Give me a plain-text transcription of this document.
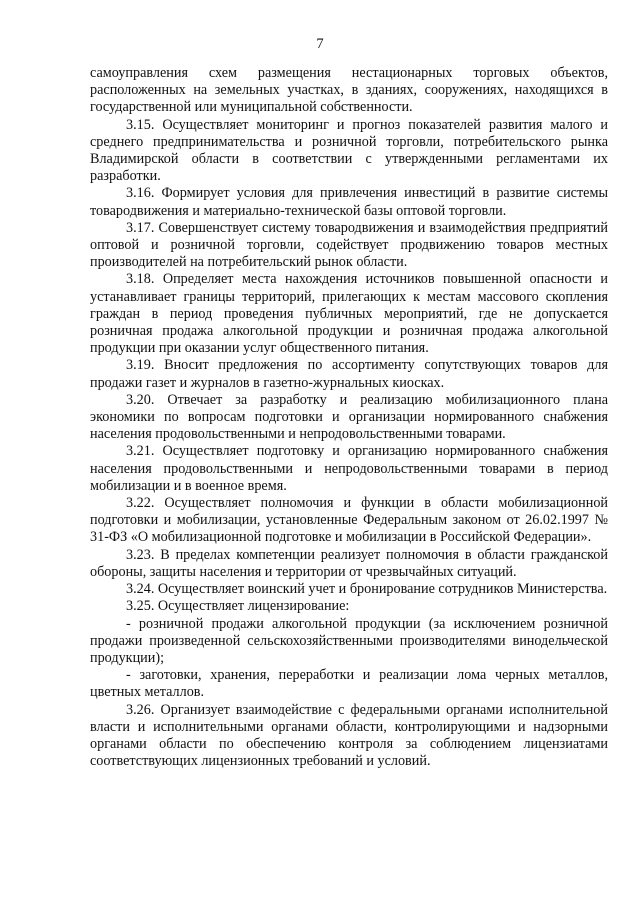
7

самоуправления схем размещения нестационарных торговых объектов, расположенных на земельных участках, в зданиях, сооружениях, находящихся в государственной или муниципальной собственности.

3.15. Осуществляет мониторинг и прогноз показателей развития малого и среднего предпринимательства и розничной торговли, потребительского рынка Владимирской области в соответствии с утвержденными регламентами их разработки.

3.16. Формирует условия для привлечения инвестиций в развитие системы товародвижения и материально-технической базы оптовой торговли.

3.17. Совершенствует систему товародвижения и взаимодействия предприятий оптовой и розничной торговли, содействует продвижению товаров местных производителей на потребительский рынок области.

3.18. Определяет места нахождения источников повышенной опасности и устанавливает границы территорий, прилегающих к местам массового скопления граждан в период проведения публичных мероприятий, где не допускается розничная продажа алкогольной продукции и розничная продажа алкогольной продукции при оказании услуг общественного питания.

3.19. Вносит предложения по ассортименту сопутствующих товаров для продажи газет и журналов в газетно-журнальных киосках.

3.20. Отвечает за разработку и реализацию мобилизационного плана экономики по вопросам подготовки и организации нормированного снабжения населения продовольственными и непродовольственными товарами.

3.21. Осуществляет подготовку и организацию нормированного снабжения населения продовольственными и непродовольственными товарами в период мобилизации и в военное время.

3.22. Осуществляет полномочия и функции в области мобилизационной подготовки и мобилизации, установленные Федеральным законом от 26.02.1997 № 31-ФЗ «О мобилизационной подготовке и мобилизации в Российской Федерации».

3.23. В пределах компетенции реализует полномочия в области гражданской обороны, защиты населения и территории от чрезвычайных ситуаций.

3.24. Осуществляет воинский учет и бронирование сотрудников Министерства.

3.25. Осуществляет лицензирование:

- розничной продажи алкогольной продукции (за исключением розничной продажи произведенной сельскохозяйственными производителями винодельческой продукции);

- заготовки, хранения, переработки и реализации лома черных металлов, цветных металлов.

3.26. Организует взаимодействие с федеральными органами исполнительной власти и исполнительными органами области, контролирующими и надзорными органами области по обеспечению контроля за соблюдением лицензиатами соответствующих лицензионных требований и условий.
